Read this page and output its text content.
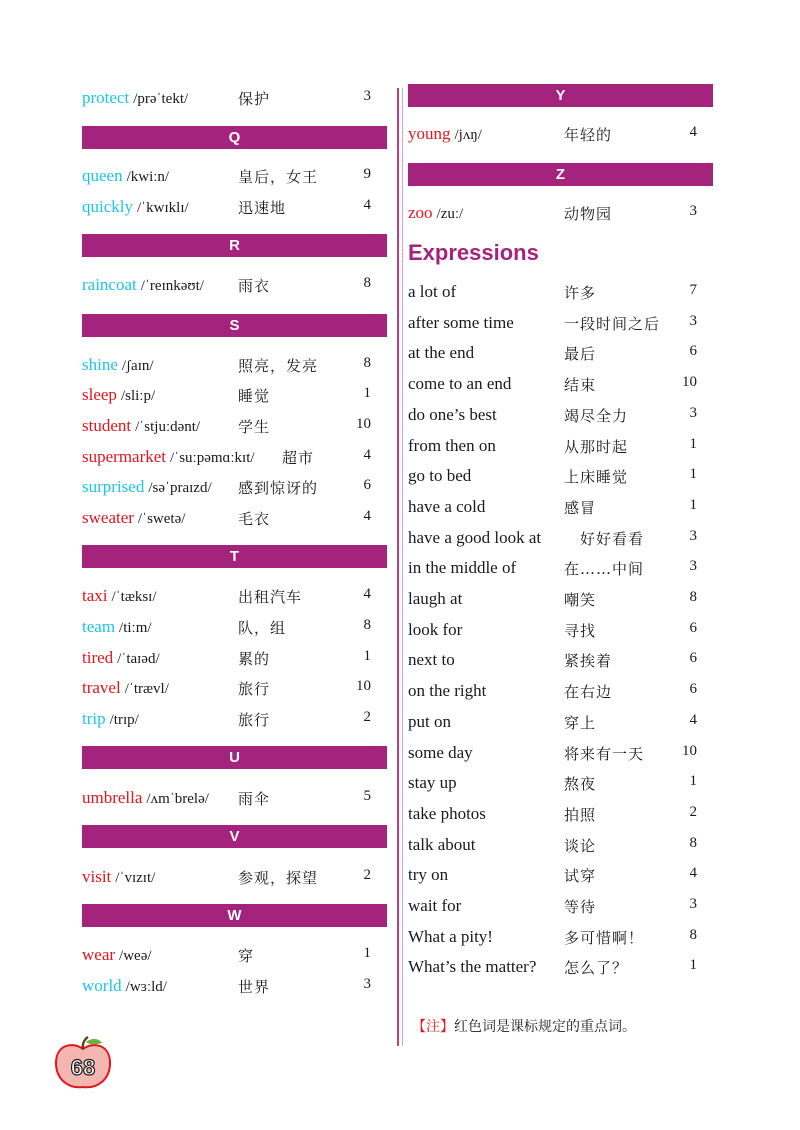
protect /prəˈtekt/	保护	3
Q
queen /kwiːn/	皇后，女王	9
quickly /ˈkwɪklɪ/	迅速地	4
R
raincoat /ˈreɪnkəʊt/ 雨衣	8
S
shine /ʃaɪn/	照亮，发亮	8
sleep /sliːp/	睡觉	1
student /ˈstjuːdənt/	学生	10
supermarket /ˈsuːpəmɑːkɪt/ 超市	4
surprised /səˈpraɪzd/ 感到惊讶的	6
sweater /ˈswetə/	毛衣	4
T
taxi /ˈtæksɪ/	出租汽车	4
team /tiːm/	队，组	8
tired /ˈtaɪəd/	累的	1
travel /ˈtrævl/	旅行	10
trip /trɪp/	旅行	2
U
umbrella /ʌmˈbrelə/ 雨伞	5
V
visit /ˈvɪzɪt/	参观，探望	2
W
wear /weə/	穿	1
world /wɜːld/	世界	3
Expressions
Y
young /jʌŋ/	年轻的	4
Z
zoo /zuː/	动物园	3
a lot of	许多	7
after some time	一段时间之后 3
at the end	最后	6
come to an end	结束	10
do one’s best	竭尽全力	3
from then on	从那时起	1
go to bed	上床睡觉	1
have a cold	感冒	1
have a good look at	好好看看	3
in the middle of	在……中间	3
laugh at	嘲笑	8
look for	寻找	6
next to	紧挨着	6
on the right	在右边	6
put on	穿上	4
some day	将来有一天	10
stay up	熬夜	1
take photos	拍照	2
talk about	谈论	8
try on	试穿	4
wait for	等待	3
What a pity!	多可惜啊！	8
What’s the matter? 怎么了？	1
【注】红色词是课标规定的重点词。
68
